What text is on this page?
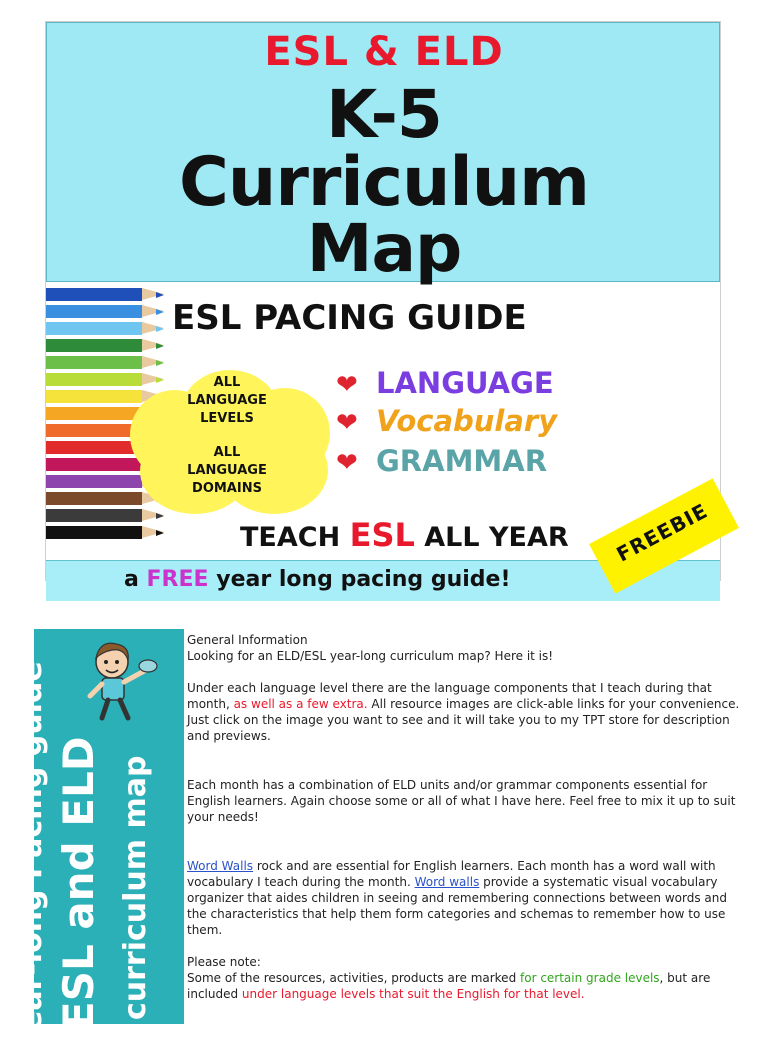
ESL & ELD
K-5
Curriculum
Map
ESL PACING GUIDE
ALL
LANGUAGE
LEVELS
ALL
LANGUAGE
DOMAINS
❤ LANGUAGE
❤ Vocabulary
❤ GRAMMAR
TEACH ESL ALL YEAR
a FREE year long pacing guide!
FREEBIE
Year-long Pacing guide ESL and ELD curriculum map

General Information

Looking for an ELD/ESL year-long curriculum map? Here it is!

Under each language level there are the language components that I teach during that month, as well as a few extra. All resource images are click-able links for your convenience. Just click on the image you want to see and it will take you to my TPT store for description and previews.

Each month has a combination of ELD units and/or grammar components essential for English learners. Again choose some or all of what I have here. Feel free to mix it up to suit your needs!

Word Walls rock and are essential for English learners. Each month has a word wall with vocabulary I teach during the month. Word walls provide a systematic visual vocabulary organizer that aides children in seeing and remembering connections between words and the characteristics that help them form categories and schemas to remember how to use them.

Please note:

Some of the resources, activities, products are marked for certain grade levels, but are included under language levels that suit the English for that level.
